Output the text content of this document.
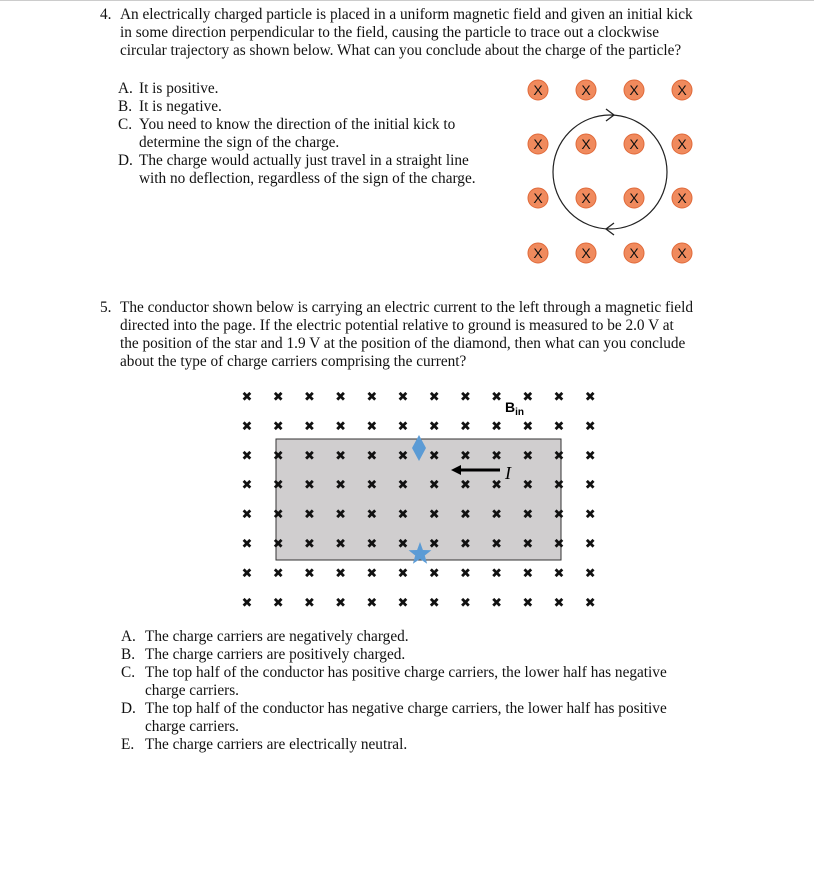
4. An electrically charged particle is placed in a uniform magnetic field and given an initial kick
in some direction perpendicular to the field, causing the particle to trace out a clockwise
circular trajectory as shown below. What can you conclude about the charge of the particle?
A. It is positive.
B. It is negative.
C. You need to know the direction of the initial kick to
determine the sign of the charge.
D. The charge would actually just travel in a straight line
with no deflection, regardless of the sign of the charge.
X
X
X
X
X
X
X
X
X
X
X
X
X
X
X
X
5. The conductor shown below is carrying an electric current to the left through a magnetic field
directed into the page. If the electric potential relative to ground is measured to be 2.0 V at
the position of the star and 1.9 V at the position of the diamond, then what can you conclude
about the type of charge carriers comprising the current?
A. The charge carriers are negatively charged.
B. The charge carriers are positively charged.
C. The top half of the conductor has positive charge carriers, the lower half has negative
charge carriers.
D. The top half of the conductor has negative charge carriers, the lower half has positive
charge carriers.
E. The charge carriers are electrically neutral.
✖
✖
✖
✖
✖
✖
✖
✖
✖
✖
✖
✖
✖
✖
✖
✖
✖
✖
✖
✖
✖
✖
✖
✖
✖
✖
✖
✖
✖
✖
✖
✖
✖
✖
✖
✖
✖
✖
✖
✖
✖
✖
✖
✖
✖
✖
✖
✖
✖
✖
✖
✖
✖
✖
✖
✖
✖
✖
✖
✖
✖
✖
✖
✖
✖
✖
✖
✖
✖
✖
✖
✖
✖
✖
✖
✖
✖
✖
✖
✖
✖
✖
✖
✖
✖
✖
✖
✖
✖
✖
✖
✖
✖
✖
✖
✖
$B_{in}$
I
